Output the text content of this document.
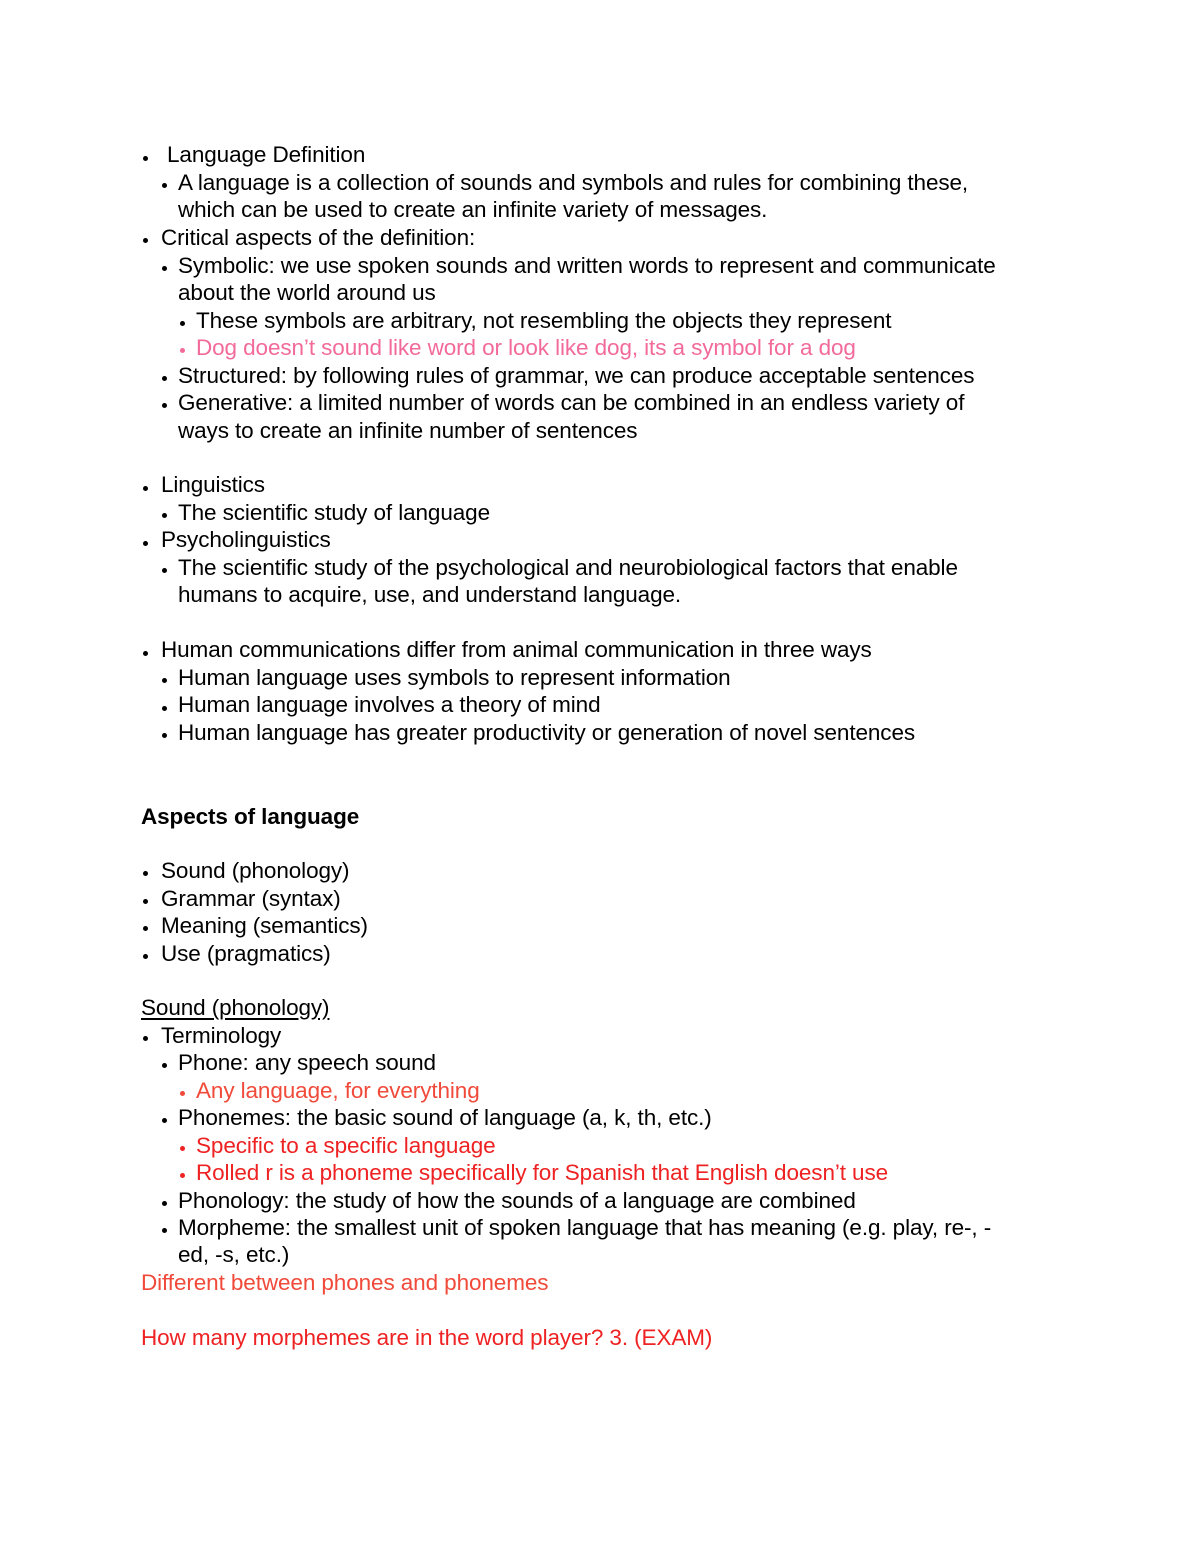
Language Definition
A language is a collection of sounds and symbols and rules for combining these,
which can be used to create an infinite variety of messages.
Critical aspects of the definition:
Symbolic: we use spoken sounds and written words to represent and communicate
about the world around us
These symbols are arbitrary, not resembling the objects they represent
Dog doesn’t sound like word or look like dog, its a symbol for a dog
Structured: by following rules of grammar, we can produce acceptable sentences
Generative: a limited number of words can be combined in an endless variety of
ways to create an infinite number of sentences
Linguistics
The scientific study of language
Psycholinguistics
The scientific study of the psychological and neurobiological factors that enable
humans to acquire, use, and understand language.
Human communications differ from animal communication in three ways
Human language uses symbols to represent information
Human language involves a theory of mind
Human language has greater productivity or generation of novel sentences
Aspects of language
Sound (phonology)
Grammar (syntax)
Meaning (semantics)
Use (pragmatics)
Sound (phonology)
Terminology
Phone: any speech sound
Any language, for everything
Phonemes: the basic sound of language (a, k, th, etc.)
Specific to a specific language
Rolled r is a phoneme specifically for Spanish that English doesn’t use
Phonology: the study of how the sounds of a language are combined
Morpheme: the smallest unit of spoken language that has meaning (e.g. play, re-, -
ed, -s, etc.)
Different between phones and phonemes
How many morphemes are in the word player? 3. (EXAM)
